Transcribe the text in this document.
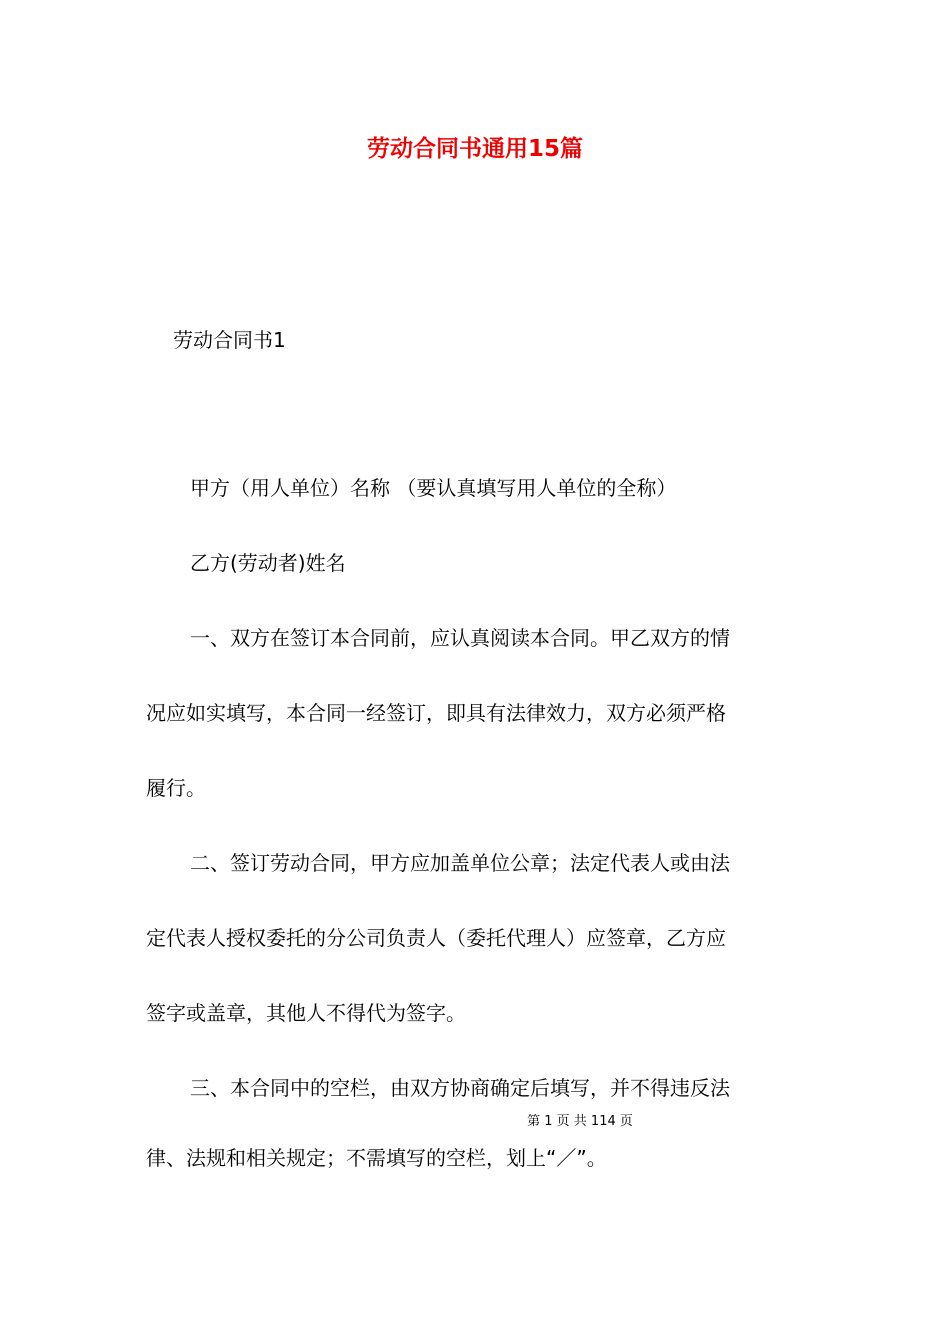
劳动合同书通用15篇
劳动合同书1
甲方（用人单位）名称 （要认真填写用人单位的全称）
乙方(劳动者)姓名
一、双方在签订本合同前，应认真阅读本合同。甲乙双方的情
况应如实填写，本合同一经签订，即具有法律效力，双方必须严格
履行。
二、签订劳动合同，甲方应加盖单位公章；法定代表人或由法
定代表人授权委托的分公司负责人（委托代理人）应签章，乙方应
签字或盖章，其他人不得代为签字。
三、本合同中的空栏，由双方协商确定后填写，并不得违反法
第 1 页 共 114 页
律、法规和相关规定；不需填写的空栏，划上“／”。
